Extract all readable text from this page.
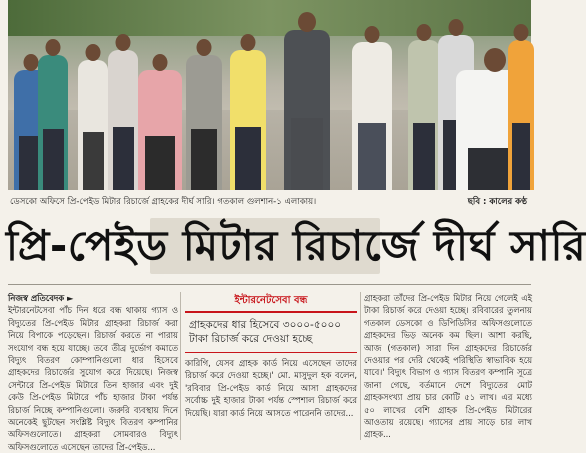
ডেসকো অফিসে প্রি-পেইড মিটার রিচার্জে গ্রাহকের দীর্ঘ সারি। গতকাল গুলশান-১ এলাকায়।	ছবি : কালের কণ্ঠ
প্রি-পেইড মিটার রিচার্জে দীর্ঘ সারি
নিজস্ব প্রতিবেদক ►

ইন্টারনেটসেবা পাঁচ দিন ধরে বন্ধ থাকায় গ্যাস ও বিদ্যুতের প্রি-পেইড মিটার গ্রাহকরা রিচার্জ করা নিয়ে বিপাকে পড়েছেন। রিচার্জ করতে না পারায় সংযোগ বন্ধ হয়ে যাচ্ছে। তবে তীব্র দুর্ভোগ কমাতে বিদ্যুৎ বিতরণ কোম্পানিগুলো ধার হিসেবে গ্রাহকদের রিচার্জের সুযোগ করে দিয়েছে। নিজস্ব সেন্টারে প্রি-পেইড মিটারে তিন হাজার এবং দুই কেউ প্রি-পেইড মিটারে পাঁচ হাজার টাকা পর্যন্ত রিচার্জ নিচ্ছে কম্পানিগুলো। জরুরি ব্যবস্থায় দিনে অনেকেই ছুটছেন সংশ্লিষ্ট বিদ্যুৎ বিতরণ কম্পানির অফিসগুলোতে। গ্রাহকরা সোমবারও বিদ্যুৎ অফিসগুলোতে এসেছেন তাদের প্রি-পেইড...

ইন্টারনেটসেবা বন্ধ
গ্রাহকদের ধার হিসেবে ৩০০০-৫০০০ টাকা রিচার্জ করে দেওয়া হচ্ছে

কারিগি, যেসব গ্রাহক কার্ড নিয়ে এসেছেন তাদের রিচার্জ করে দেওয়া হচ্ছে।' মো. মাসুদুল হক বলেন, 'রবিবার প্রি-পেইড কার্ড নিয়ে আসা গ্রাহকদের সর্বোচ্চ দুই হাজার টাকা পর্যন্ত স্পেশাল রিচার্জ করে দিয়েছি। যারা কার্ড নিয়ে আসতে পারেননি তাদের...

গ্রাহকরা তাঁদের প্রি-পেইড মিটার নিয়ে গেলেই এই টাকা রিচার্জ করে দেওয়া হচ্ছে। রবিবারের তুলনায় গতকাল ডেসকো ও ডিপিডিসির অফিসগুলোতে গ্রাহকদের ভিড় অনেক কম ছিল। আশা করছি, আজ (গতকাল) সারা দিন গ্রাহকদের রিচার্জের দেওয়ার পর দেরি থেকেই পরিস্থিতি স্বাভাবিক হয়ে যাবে।' বিদ্যুৎ বিভাগ ও গ্যাস বিতরণ কম্পানি সূত্রে জানা গেছে, বর্তমানে দেশে বিদ্যুতের মোট গ্রাহকসংখ্যা প্রায় চার কোটি ৫১ লাখ। এর মধ্যে ৫০ লাখের বেশি গ্রাহক প্রি-পেইড মিটারের আওতায় রয়েছে। গ্যাসের প্রায় সাড়ে চার লাখ গ্রাহক...
